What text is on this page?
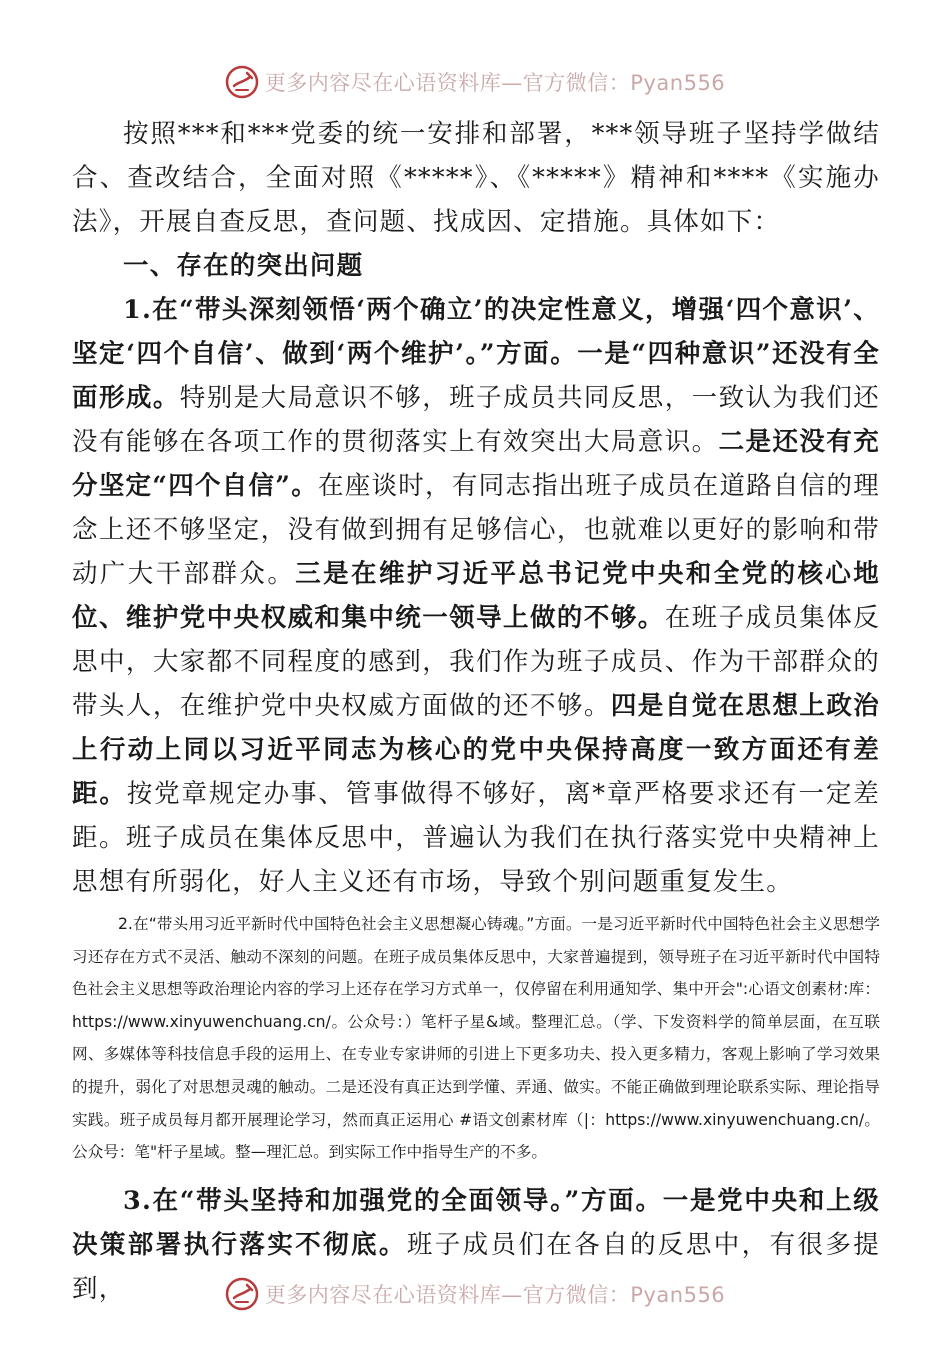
更多内容尽在心语资料库—官方微信：Pyan556

按照***和***党委的统一安排和部署，***领导班子坚持学做结合、查改结合，全面对照《*****》、《*****》精神和****《实施办法》，开展自查反思，查问题、找成因、定措施。具体如下：

一、存在的突出问题

1.在“带头深刻领悟‘两个确立’的决定性意义，增强‘四个意识’、坚定‘四个自信’、做到‘两个维护’。”方面。一是“四种意识”还没有全面形成。特别是大局意识不够，班子成员共同反思，一致认为我们还没有能够在各项工作的贯彻落实上有效突出大局意识。二是还没有充分坚定“四个自信”。在座谈时，有同志指出班子成员在道路自信的理念上还不够坚定，没有做到拥有足够信心，也就难以更好的影响和带动广大干部群众。三是在维护习近平总书记党中央和全党的核心地位、维护党中央权威和集中统一领导上做的不够。在班子成员集体反思中，大家都不同程度的感到，我们作为班子成员、作为干部群众的带头人，在维护党中央权威方面做的还不够。四是自觉在思想上政治上行动上同以习近平同志为核心的党中央保持高度一致方面还有差距。按党章规定办事、管事做得不够好，离*章严格要求还有一定差距。班子成员在集体反思中，普遍认为我们在执行落实党中央精神上思想有所弱化，好人主义还有市场，导致个别问题重复发生。

2.在“带头用习近平新时代中国特色社会主义思想凝心铸魂。”方面。一是习近平新时代中国特色社会主义思想学习还存在方式不灵活、触动不深刻的问题。在班子成员集体反思中，大家普遍提到，领导班子在习近平新时代中国特色社会主义思想等政治理论内容的学习上还存在学习方式单一，仅停留在利用通知学、集中开会":心语文创素材:库：https://www.xinyuwenchuang.cn/。公众号：）笔杆子星&域。整理汇总。（学、下发资料学的简单层面，在互联网、多媒体等科技信息手段的运用上、在专业专家讲师的引进上下更多功夫、投入更多精力，客观上影响了学习效果的提升，弱化了对思想灵魂的触动。二是还没有真正达到学懂、弄通、做实。不能正确做到理论联系实际、理论指导实践。班子成员每月都开展理论学习，然而真正运用心 #语文创素材库（|：https://www.xinyuwenchuang.cn/。公众号：笔"杆子星域。整—理汇总。到实际工作中指导生产的不多。

3.在“带头坚持和加强党的全面领导。”方面。一是党中央和上级决策部署执行落实不彻底。班子成员们在各自的反思中，有很多提到，	更多内容尽在心语资料库—官方微信：Pyan556
